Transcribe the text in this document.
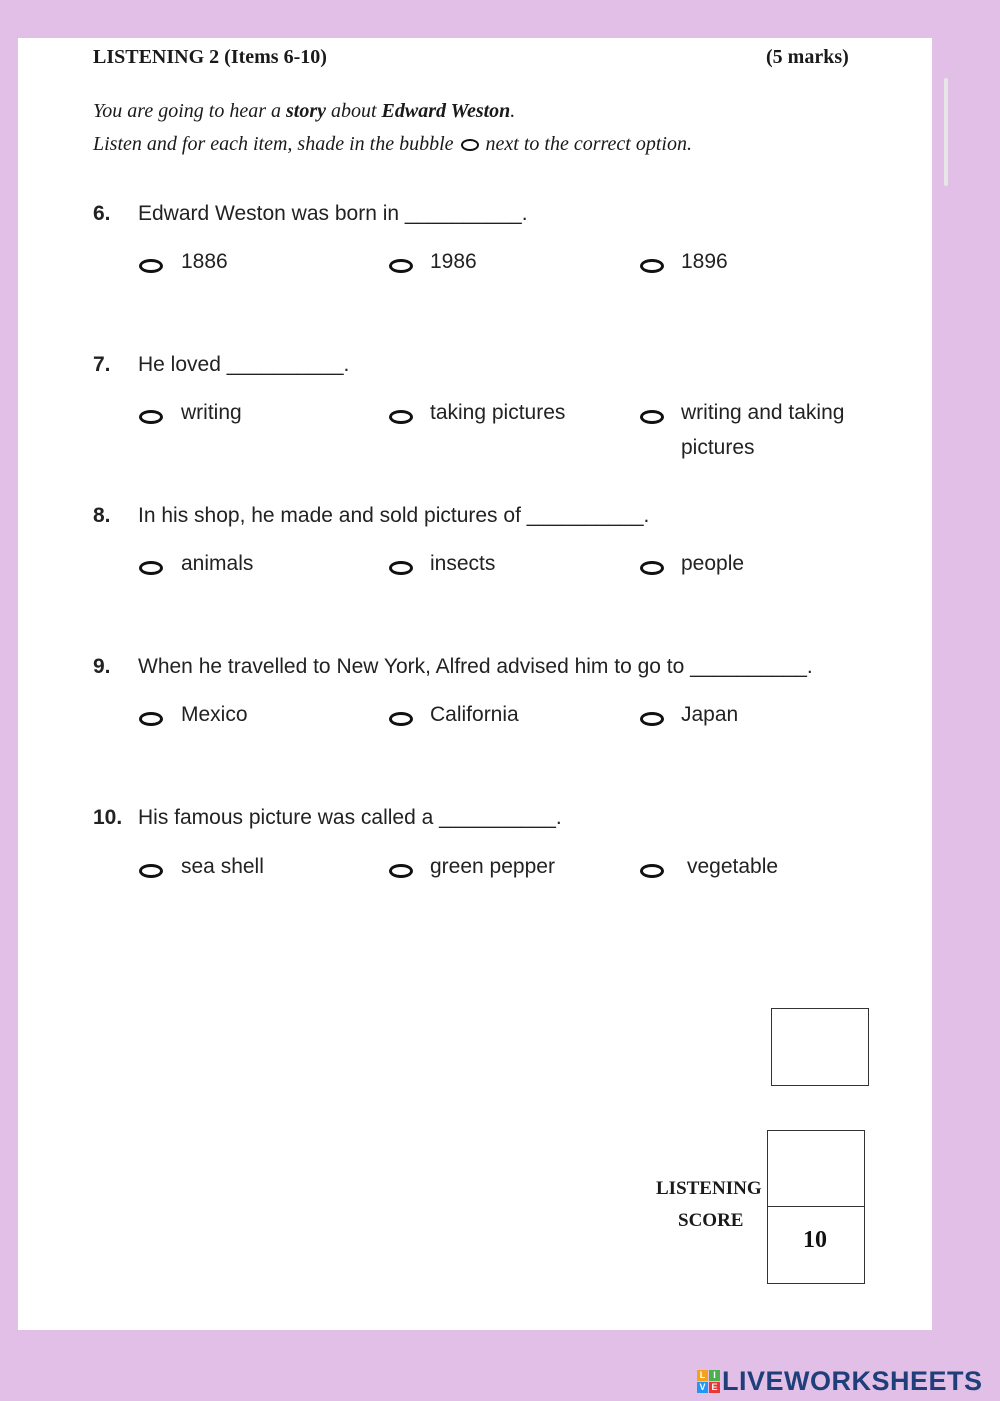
LISTENING 2 (Items 6-10)	(5 marks)
You are going to hear a story about Edward Weston.
Listen and for each item, shade in the bubble next to the correct option.
6. Edward Weston was born in __________.
1886	1986	1896
7. He loved __________.
writing	taking pictures	writing and taking pictures
8. In his shop, he made and sold pictures of __________.
animals	insects	people
9. When he travelled to New York, Alfred advised him to go to __________.
Mexico	California	Japan
10. His famous picture was called a __________.
sea shell	green pepper	vegetable
LISTENING
SCORE
10
L I
V E LIVEWORKSHEETS
